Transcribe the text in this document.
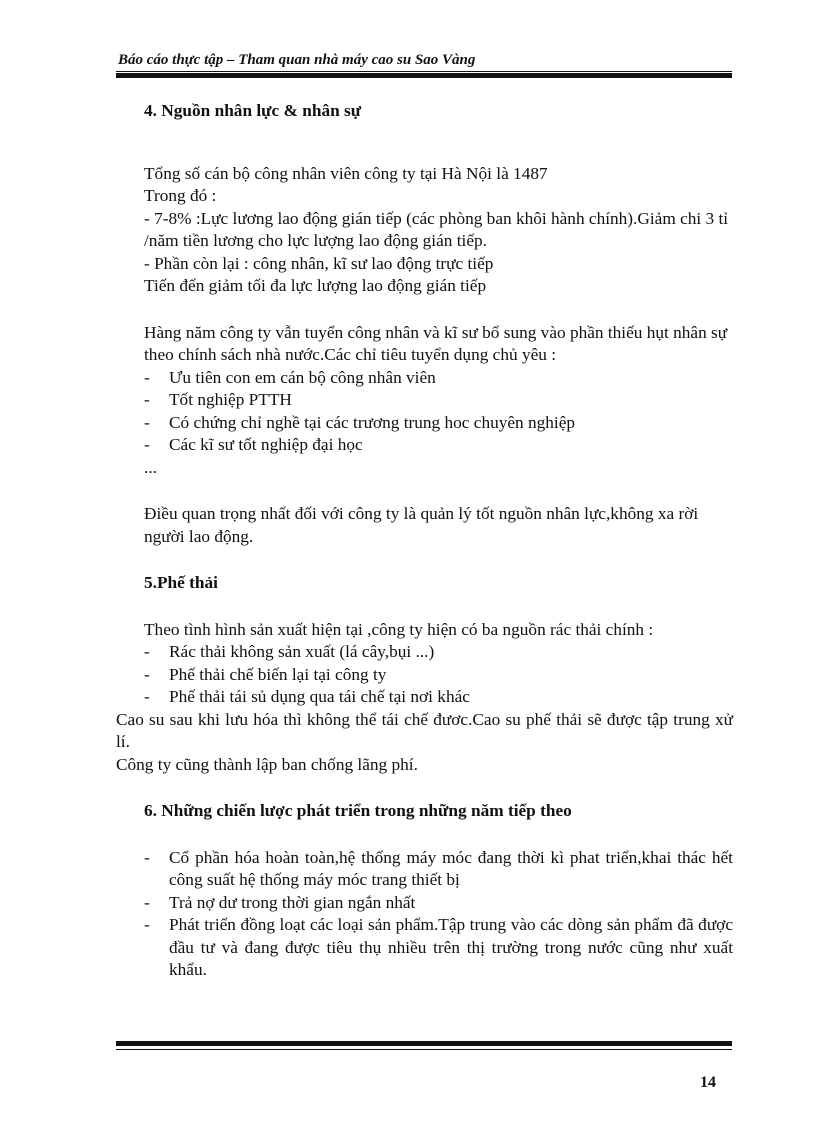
Báo cáo thực tập – Tham quan nhà máy cao su Sao Vàng
4. Nguồn nhân lực & nhân sự

Tổng số cán bộ công nhân viên công ty tại Hà Nội là 1487

Trong đó :

- 7-8% :Lực lương lao động gián tiếp (các phòng ban khôi hành chính).Giảm chi 3 tỉ /năm tiền lương cho lực lượng lao động gián tiếp.

- Phần còn lại : công nhân, kĩ sư lao động trực tiếp

Tiến đến giảm tối đa lực lượng lao động gián tiếp

Hàng năm công ty vẫn tuyển công nhân và kĩ sư bổ sung vào phần thiếu hụt nhân sự theo chính sách nhà nước.Các chỉ tiêu tuyển dụng chủ yêu :

- Ưu tiên con em cán bộ công nhân viên
- Tốt nghiệp PTTH
- Có chứng chỉ nghề tại các trương trung hoc chuyên nghiệp
- Các kĩ sư tốt nghiệp đại học

...

Điều quan trọng nhất đối với công ty là quản lý tốt nguồn nhân lực,không xa rời người lao động.

5.Phế thải

Theo tình hình sản xuất hiện tại ,công ty hiện có ba nguồn rác thải chính :

- Rác thải không sản xuất (lá cây,bụi ...)
- Phế thải chế biến lại tại công ty
- Phế thải tái sủ dụng qua tái chế tại nơi khác

Cao su sau khi lưu hóa thì không thể tái chế đươc.Cao su phế thải sẽ được tập trung xử lí.

Công ty cũng thành lập ban chống lãng phí.

6. Những chiến lược phát triển trong những năm tiếp theo
- Cổ phần hóa hoàn toàn,hệ thống máy móc đang thời kì phat triển,khai thác hết công suất hệ thống máy móc trang thiết bị
- Trả nợ dư trong thời gian ngắn nhất
- Phát triển đồng loạt các loại sản phẩm.Tập trung vào các dòng sản phẩm đã được đầu tư và đang được tiêu thụ nhiều trên thị trường trong nước cũng như xuất khẩu.
14
